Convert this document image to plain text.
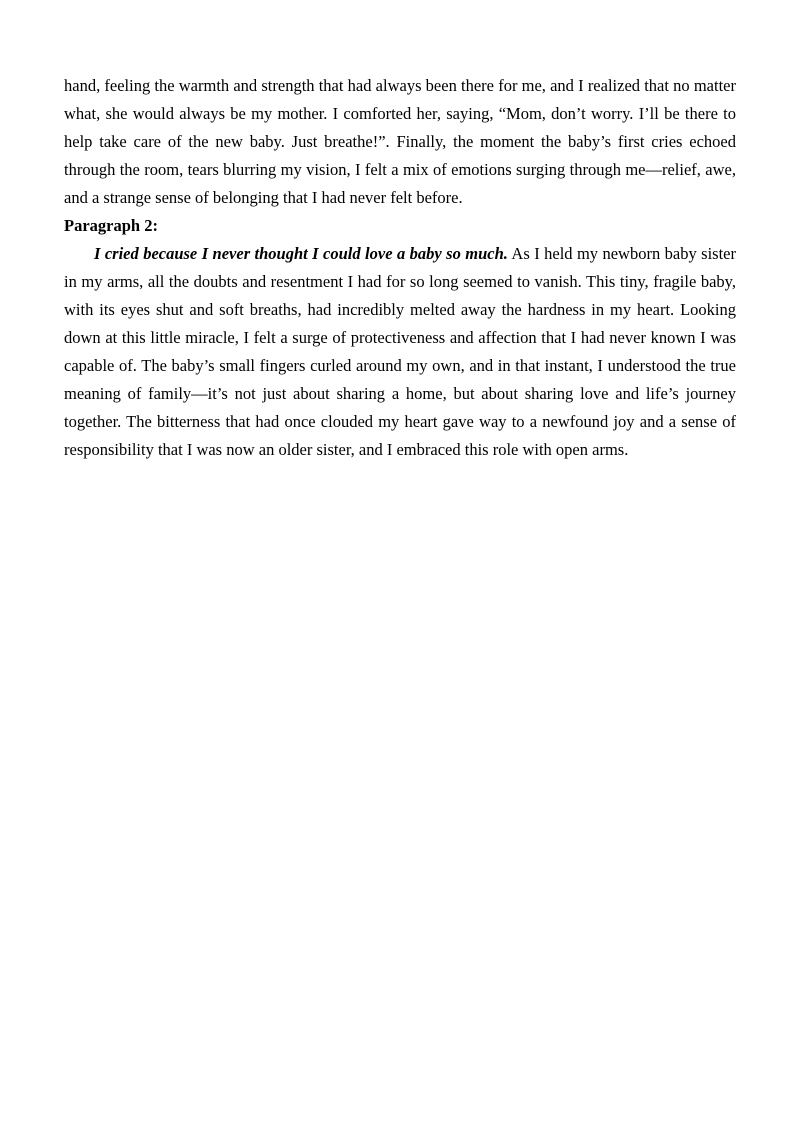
hand, feeling the warmth and strength that had always been there for me, and I realized that no matter what, she would always be my mother. I comforted her, saying, “Mom, don’t worry. I’ll be there to help take care of the new baby. Just breathe!”. Finally, the moment the baby’s first cries echoed through the room, tears blurring my vision, I felt a mix of emotions surging through me—relief, awe, and a strange sense of belonging that I had never felt before.

Paragraph 2:

I cried because I never thought I could love a baby so much. As I held my newborn baby sister in my arms, all the doubts and resentment I had for so long seemed to vanish. This tiny, fragile baby, with its eyes shut and soft breaths, had incredibly melted away the hardness in my heart. Looking down at this little miracle, I felt a surge of protectiveness and affection that I had never known I was capable of. The baby’s small fingers curled around my own, and in that instant, I understood the true meaning of family—it’s not just about sharing a home, but about sharing love and life’s journey together. The bitterness that had once clouded my heart gave way to a newfound joy and a sense of responsibility that I was now an older sister, and I embraced this role with open arms.
